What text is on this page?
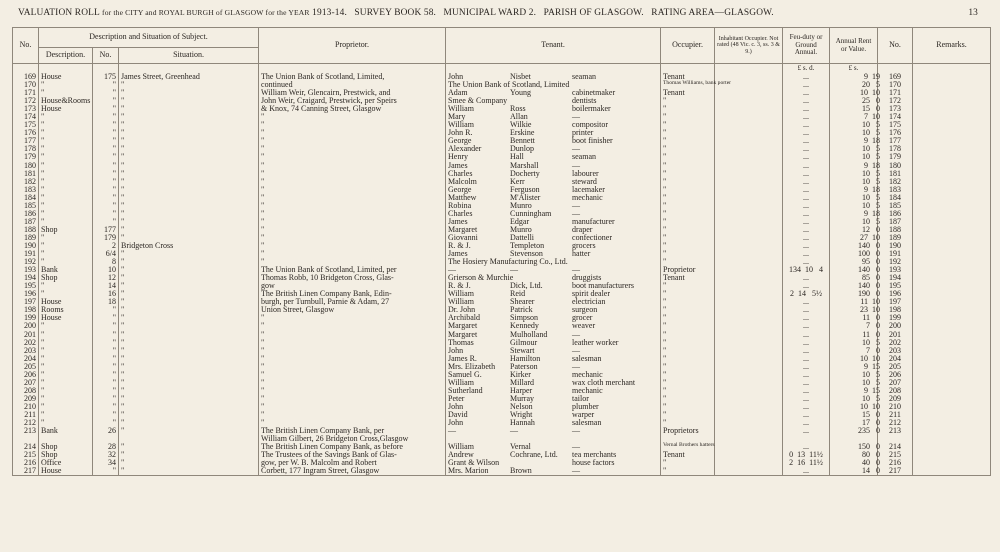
VALUATION ROLL for the CITY and ROYAL BURGH of GLASGOW for the YEAR 1913-14. SURVEY BOOK 58. MUNICIPAL WARD 2. PARISH OF GLASGOW. RATING AREA—GLASGOW.	13
No.	Description and Situation of Subject.			Proprietor.	Tenant.	Occupier.	Inhabitant Occupier. Not rated (48 Vic. c. 3, ss. 3 & 9.)	Feu-duty or Ground Annual.	Annual Rent or Value.	No.	Remarks.
	Description.	No.	Situation.								
								£ s. d.	£ s.		
169	House	175	James Street, Greenhead	The Union Bank of Scotland, Limited,	John Nisbet seaman	Tenant		...	9  19	169	
170	"	"	"	continued	The Union Bank of Scotland, Limited	Thomas Williams, bank porter		...	20   5	170	
171	"	"	"	William Weir, Glencairn, Prestwick, and	Adam Young cabinetmaker	Tenant		...	10  10	171	
172	House&Rooms	"	"	John Weir, Craigard, Prestwick, per Speirs	Smee & Company dentists	"		...	25   0	172	
173	House	"	"	& Knox, 74 Canning Street, Glasgow	William Ross boilermaker	"		...	15   0	173	
174	"	"	"	"	Mary Allan —	"		...	7  10	174	
175	"	"	"	"	William Wilkie compositor	"		...	10   5	175	
176	"	"	"	"	John R. Erskine printer	"		...	10   5	176	
177	"	"	"	"	George Bennett boot finisher	"		...	9  18	177	
178	"	"	"	"	Alexander Dunlop —	"		...	10   5	178	
179	"	"	"	"	Henry Hall seaman	"		...	10   5	179	
180	"	"	"	"	James Marshall —	"		...	9  18	180	
181	"	"	"	"	Charles Docherty labourer	"		...	10   5	181	
182	"	"	"	"	Malcolm Kerr steward	"		...	10   5	182	
183	"	"	"	"	George Ferguson lacemaker	"		...	9  18	183	
184	"	"	"	"	Matthew M'Alister mechanic	"		...	10   5	184	
185	"	"	"	"	Robina Munro —	"		...	10   5	185	
186	"	"	"	"	Charles Cunningham —	"		...	9  18	186	
187	"	"	"	"	James Edgar manufacturer	"		...	10   5	187	
188	Shop	177	"	"	Margaret Munro draper	"		...	12   0	188	
189	"	179	"	"	Giovanni Dattelli confectioner	"		...	27  10	189	
190	"	2	Bridgeton Cross	"	R. & J. Templeton grocers	"		...	140   0	190	
191	"	6/4	"	"	James Stevenson hatter	"		...	100   0	191	
192	"	8	"	"	The Hosiery Manufacturing Co., Ltd.	"		...	95   0	192	
193	Bank	10	"	The Union Bank of Scotland, Limited, per	— — —	Proprietor		134  10   4	140   0	193	
194	Shop	12	"	Thomas Robb, 10 Bridgeton Cross, Glas-	Grierson & Murchie druggists	Tenant		...	85   0	194	
195	"	14	"	gow	R. & J. Dick, Ltd. boot manufacturers	"		...	140   0	195	
196	"	16	"	The British Linen Company Bank, Edin-	William Reid spirit dealer	"		2  14   5½	190   0	196	
197	House	18	"	burgh, per Turnbull, Parnie & Adam, 27	William Shearer electrician	"		...	11  10	197	
198	Rooms	"	"	Union Street, Glasgow	Dr. John Patrick surgeon	"		...	23  10	198	
199	House	"	"	"	Archibald Simpson grocer	"		...	11   0	199	
200	"	"	"	"	Margaret Kennedy weaver	"		...	7   0	200	
201	"	"	"	"	Margaret Mulholland —	"		...	11   0	201	
202	"	"	"	"	Thomas Gilmour leather worker	"		...	10   5	202	
203	"	"	"	"	John Stewart —	"		...	7   0	203	
204	"	"	"	"	James R. Hamilton salesman	"		...	10  10	204	
205	"	"	"	"	Mrs. Elizabeth Paterson —	"		...	9  15	205	
206	"	"	"	"	Samuel G. Kirker mechanic	"		...	10   5	206	
207	"	"	"	"	William Millard wax cloth merchant	"		...	10   5	207	
208	"	"	"	"	Sutherland Harper mechanic	"		...	9  15	208	
209	"	"	"	"	Peter Murray tailor	"		...	10   5	209	
210	"	"	"	"	John Nelson plumber	"		...	10  10	210	
211	"	"	"	"	David Wright warper	"		...	15   0	211	
212	"	"	"	"	John Hannah salesman	"		...	17   0	212	
213	Bank	26	"	The British Linen Company Bank, per	— — —	Proprietors		...	235   0	213	
				William Gilbert, 26 Bridgeton Cross,Glasgow							
214	Shop	28	"	The British Linen Company Bank, as before	William Vernal —	Vernal Brothers hatters		...	150   0	214	
215	Shop	32	"	The Trustees of the Savings Bank of Glas-	Andrew Cochrane, Ltd. tea merchants	Tenant		0  13  11½	80   0	215	
216	Office	34	"	gow, per W. B. Malcolm and Robert	Grant & Wilson house factors	"		2  16  11½	40   0	216	
217	House	"	"	Corbett, 177 Ingram Street, Glasgow	Mrs. Marion Brown —	"		...	14   0	217	
